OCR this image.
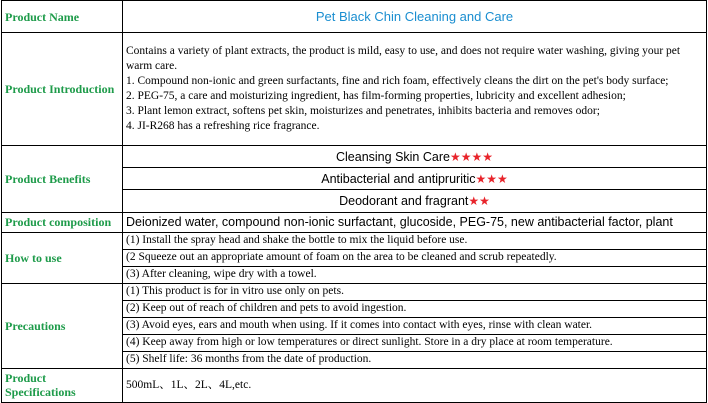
Product Name	Pet Black Chin Cleaning and Care
Product Introduction	Contains a variety of plant extracts, the product is mild, easy to use, and does not require water washing, giving your pet warm care.
1. Compound non-ionic and green surfactants, fine and rich foam, effectively cleans the dirt on the pet's body surface;
2. PEG-75, a care and moisturizing ingredient, has film-forming properties, lubricity and excellent adhesion;
3. Plant lemon extract, softens pet skin, moisturizes and penetrates, inhibits bacteria and removes odor;
4. JI-R268 has a refreshing rice fragrance.

Product Benefits	Cleansing Skin Care★★★★
	Antibacterial and antipruritic★★★
	Deodorant and fragrant★★
Product composition	Deionized water, compound non-ionic surfactant, glucoside, PEG-75, new antibacterial factor, plant
How to use	(1) Install the spray head and shake the bottle to mix the liquid before use.
	(2 Squeeze out an appropriate amount of foam on the area to be cleaned and scrub repeatedly.
	(3) After cleaning, wipe dry with a towel.
Precautions	(1) This product is for in vitro use only on pets.
	(2) Keep out of reach of children and pets to avoid ingestion.
	(3) Avoid eyes, ears and mouth when using. If it comes into contact with eyes, rinse with clean water.
	(4) Keep away from high or low temperatures or direct sunlight. Store in a dry place at room temperature.
	(5) Shelf life: 36 months from the date of production.
Product Specifications	500mL、1L、2L、4L,etc.
